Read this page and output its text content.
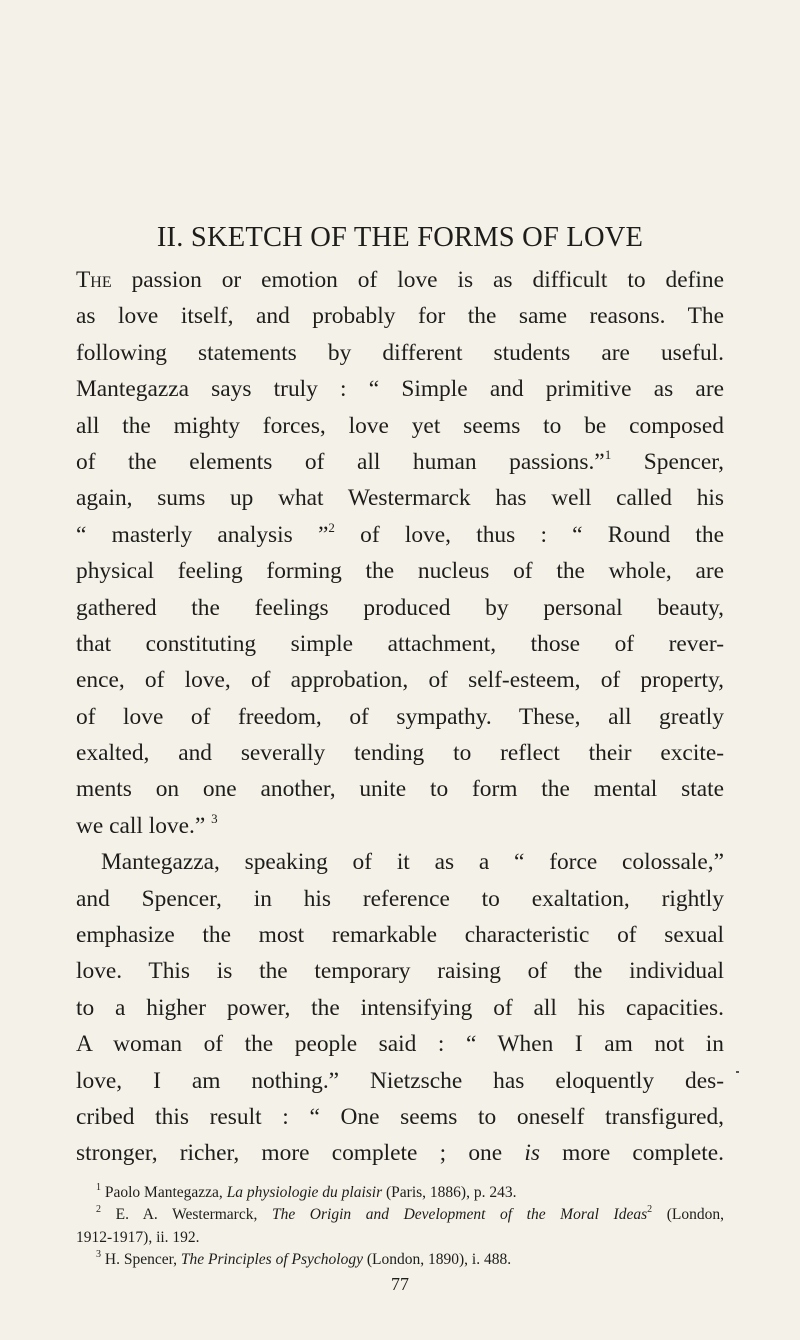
II. SKETCH OF THE FORMS OF LOVE
The passion or emotion of love is as difficult to define
as love itself, and probably for the same reasons. The
following statements by different students are useful.
Mantegazza says truly : “ Simple and primitive as are
all the mighty forces, love yet seems to be composed
of the elements of all human passions.”$^1$ Spencer,
again, sums up what Westermarck has well called his
“ masterly analysis ”$^2$ of love, thus : “ Round the
physical feeling forming the nucleus of the whole, are
gathered the feelings produced by personal beauty,
that constituting simple attachment, those of rever-
ence, of love, of approbation, of self-esteem, of property,
of love of freedom, of sympathy. These, all greatly
exalted, and severally tending to reflect their excite-
ments on one another, unite to form the mental state
we call love.” $^3$
Mantegazza, speaking of it as a “ force colossale,”
and Spencer, in his reference to exaltation, rightly
emphasize the most remarkable characteristic of sexual
love. This is the temporary raising of the individual
to a higher power, the intensifying of all his capacities.
A woman of the people said : “ When I am not in
love, I am nothing.” Nietzsche has eloquently des-
cribed this result : “ One seems to oneself transfigured,
stronger, richer, more complete ; one is more complete.
$^1$ Paolo Mantegazza, La physiologie du plaisir (Paris, 1886), p. 243.
$^2$ E. A. Westermarck, The Origin and Development of the Moral Ideas$^2$ (London,
1912-1917), ii. 192.
$^3$ H. Spencer, The Principles of Psychology (London, 1890), i. 488.
77
